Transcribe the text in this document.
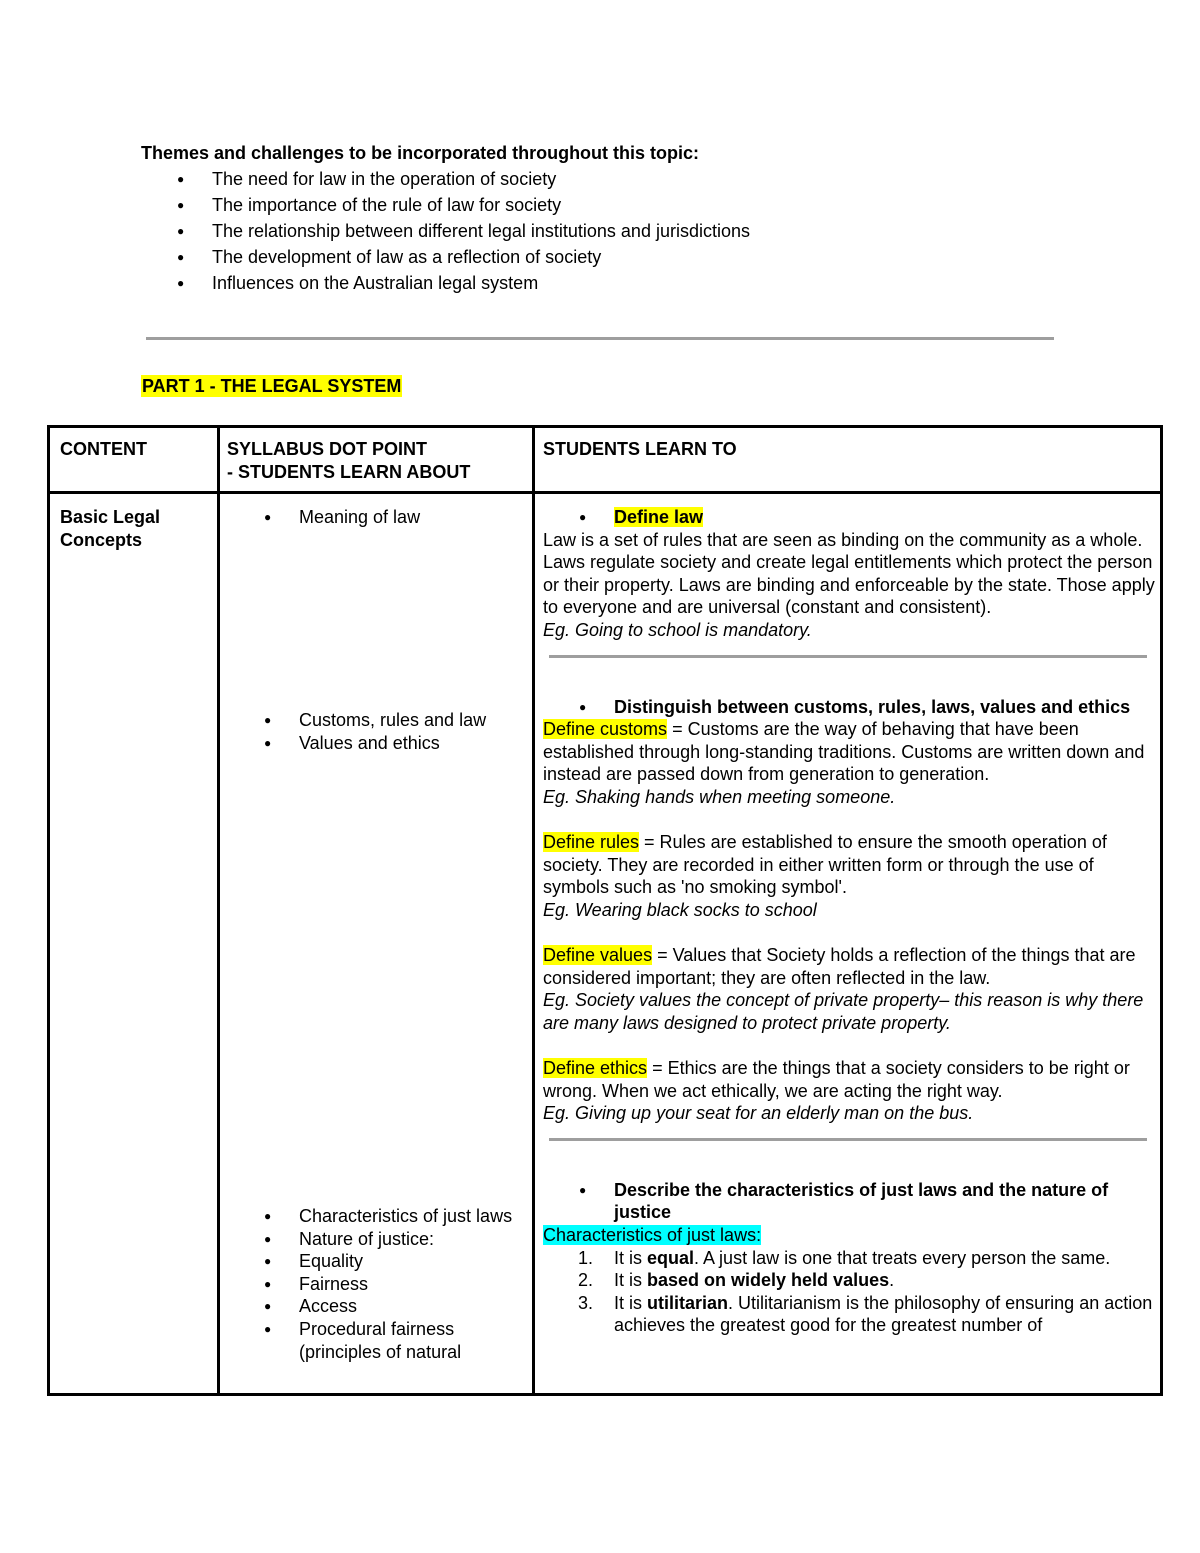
Themes and challenges to be incorporated throughout this topic:

● The need for law in the operation of society
● The importance of the rule of law for society
● The relationship between different legal institutions and jurisdictions
● The development of law as a reflection of society
● Influences on the Australian legal system
PART 1 - THE LEGAL SYSTEM
CONTENT	SYLLABUS DOT POINT
- STUDENTS LEARN ABOUT
STUDENTS LEARN TO
Basic Legal Concepts
● Meaning of law
● Customs, rules and law
● Values and ethics
● Characteristics of just laws
● Nature of justice:
● Equality
● Fairness
● Access
● Procedural fairness (principles of natural
● Define law

Law is a set of rules that are seen as binding on the community as a whole. Laws regulate society and create legal entitlements which protect the person or their property. Laws are binding and enforceable by the state. Those apply to everyone and are universal (constant and consistent).

Eg. Going to school is mandatory.

● Distinguish between customs, rules, laws, values and ethics

Define customs = Customs are the way of behaving that have been established through long-standing traditions. Customs are written down and instead are passed down from generation to generation.

Eg. Shaking hands when meeting someone.

Define rules = Rules are established to ensure the smooth operation of society. They are recorded in either written form or through the use of symbols such as 'no smoking symbol'.

Eg. Wearing black socks to school

Define values = Values that Society holds a reflection of the things that are considered important; they are often reflected in the law.

Eg. Society values the concept of private property– this reason is why there are many laws designed to protect private property.

Define ethics = Ethics are the things that a society considers to be right or wrong. When we act ethically, we are acting the right way.

Eg. Giving up your seat for an elderly man on the bus.

● Describe the characteristics of just laws and the nature of justice

Characteristics of just laws:

1. It is equal. A just law is one that treats every person the same.
2. It is based on widely held values.
3. It is utilitarian. Utilitarianism is the philosophy of ensuring an action achieves the greatest good for the greatest number of
